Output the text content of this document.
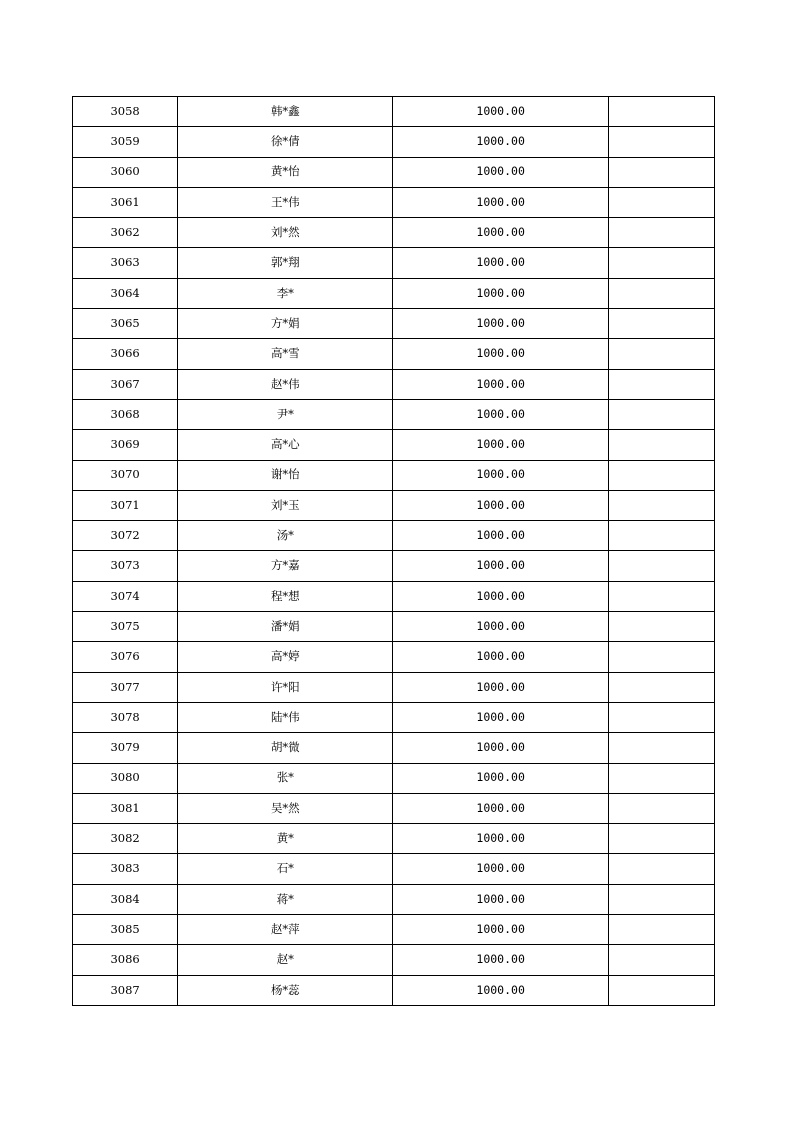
3058	韩*鑫	1000.00	
3059	徐*倩	1000.00	
3060	黄*怡	1000.00	
3061	王*伟	1000.00	
3062	刘*然	1000.00	
3063	郭*翔	1000.00	
3064	李*	1000.00	
3065	方*娟	1000.00	
3066	高*雪	1000.00	
3067	赵*伟	1000.00	
3068	尹*	1000.00	
3069	高*心	1000.00	
3070	谢*怡	1000.00	
3071	刘*玉	1000.00	
3072	汤*	1000.00	
3073	方*嘉	1000.00	
3074	程*想	1000.00	
3075	潘*娟	1000.00	
3076	高*婷	1000.00	
3077	许*阳	1000.00	
3078	陆*伟	1000.00	
3079	胡*微	1000.00	
3080	张*	1000.00	
3081	吴*然	1000.00	
3082	黄*	1000.00	
3083	石*	1000.00	
3084	蒋*	1000.00	
3085	赵*萍	1000.00	
3086	赵*	1000.00	
3087	杨*蕊	1000.00	
